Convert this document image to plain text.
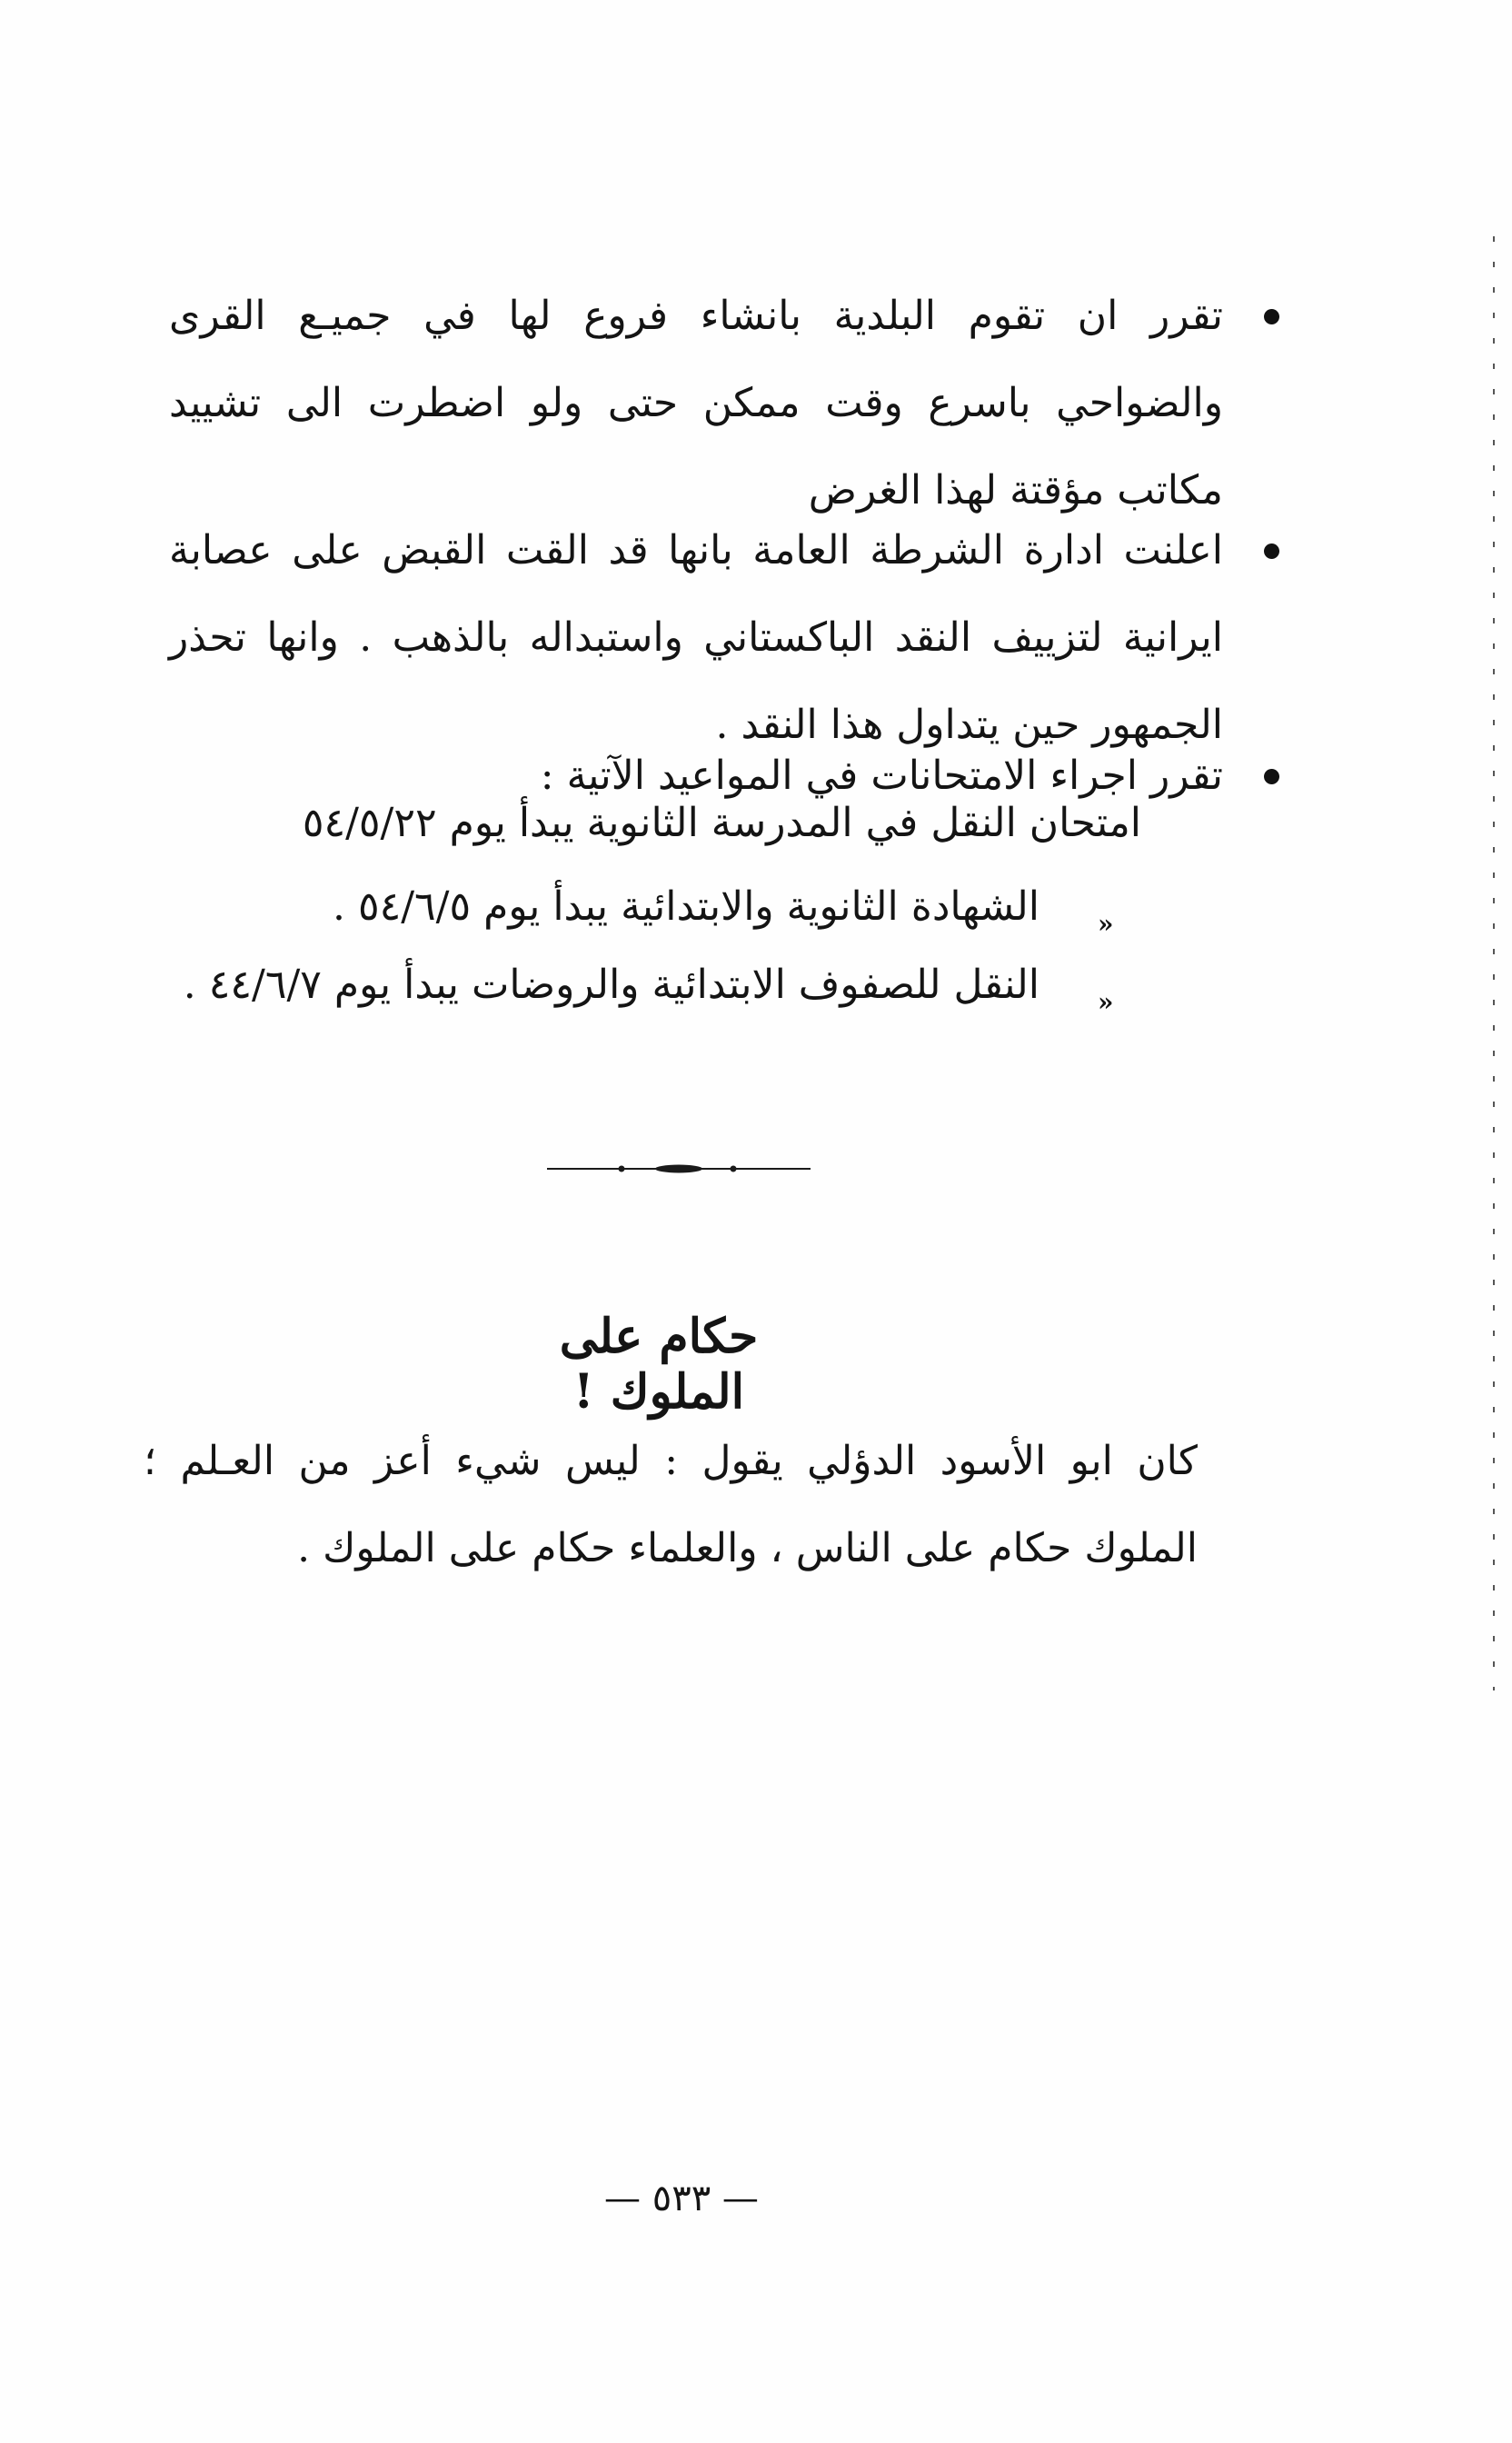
تقرر ان تقوم البلدية بانشاء فروع لها في جميـع القرى والضواحي باسرع وقت ممكن حتى ولو اضطرت الى تشييد مكاتب مؤقتة لهذا الغرض
اعلنت ادارة الشرطة العامة بانها قد القت القبض على عصابة ايرانية لتزييف النقد الباكستاني واستبداله بالذهب . وانها تحذر الجمهور حين يتداول هذا النقد .
تقرر اجراء الامتحانات في المواعيد الآتية :
امتحان النقل في المدرسة الثانوية يبدأ يوم ٥٤/٥/٢٢
»
الشهادة الثانوية والابتدائية يبدأ يوم ٥٤/٦/٥ .
»
النقل للصفوف الابتدائية والروضات يبدأ يوم ٤٤/٦/٧ .
حكام على الملوك !
كان ابو الأسود الدؤلي يقول : ليس شيء أعز من العـلم ؛ الملوك حكام على الناس ، والعلماء حكام على الملوك .
— ٥٣٣ —
